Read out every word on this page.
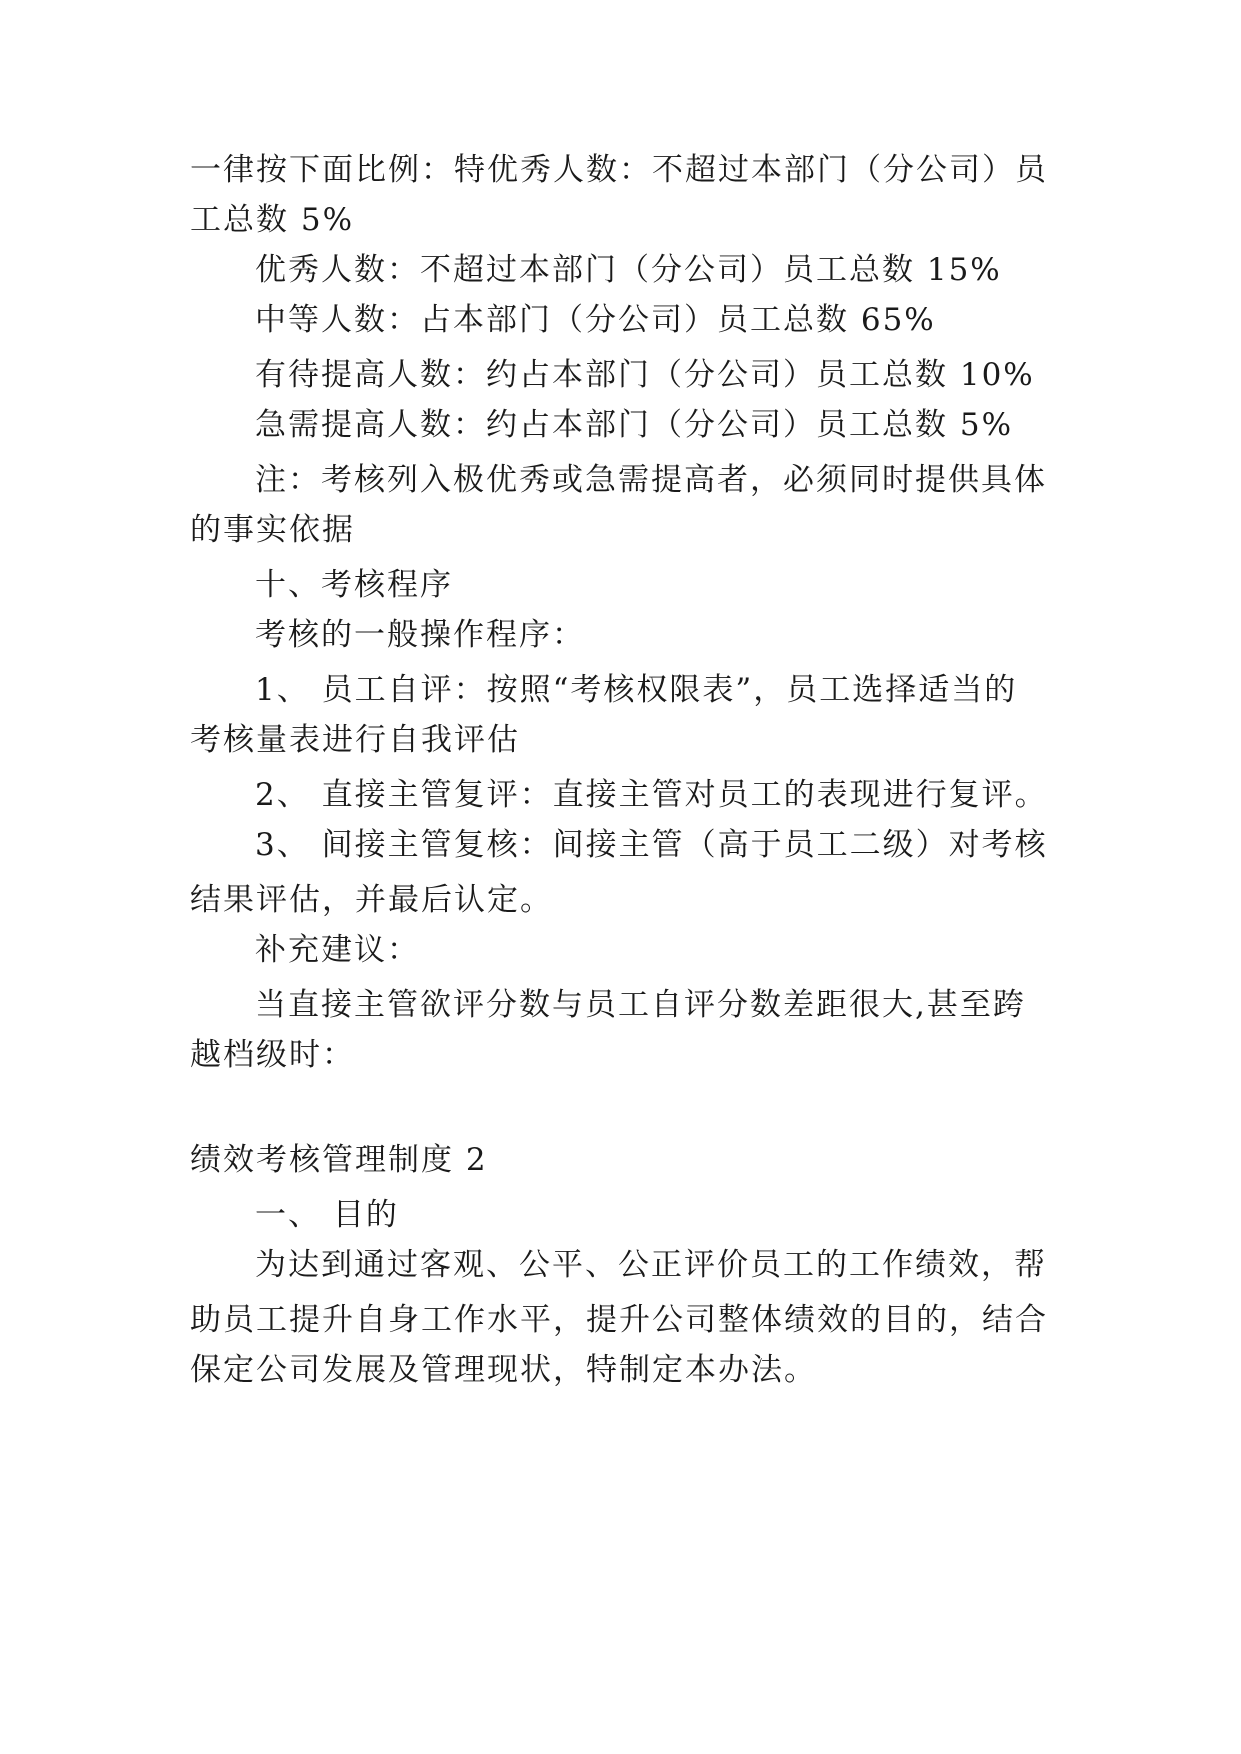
一律按下面比例：特优秀人数：不超过本部门（分公司）员
工总数 5%
优秀人数：不超过本部门（分公司）员工总数 15%
中等人数：占本部门（分公司）员工总数 65%
有待提高人数：约占本部门（分公司）员工总数 10%
急需提高人数：约占本部门（分公司）员工总数 5%
注：考核列入极优秀或急需提高者，必须同时提供具体
的事实依据
十、考核程序
考核的一般操作程序：
1、 员工自评：按照“考核权限表”，员工选择适当的
考核量表进行自我评估
2、 直接主管复评：直接主管对员工的表现进行复评。
3、 间接主管复核：间接主管（高于员工二级）对考核
结果评估，并最后认定。
补充建议：
当直接主管欲评分数与员工自评分数差距很大,甚至跨
越档级时：
绩效考核管理制度 2
一、 目的
为达到通过客观、公平、公正评价员工的工作绩效，帮
助员工提升自身工作水平，提升公司整体绩效的目的，结合
保定公司发展及管理现状，特制定本办法。
